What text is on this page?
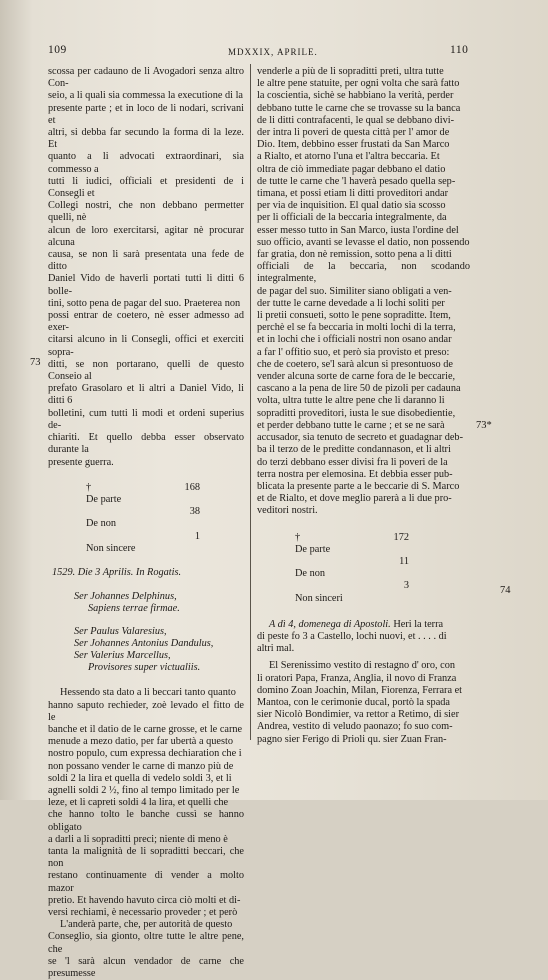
109	MDXXIX, APRILE.	110

scossa per cadauno de li Avogadori senza altro Con-

seio, a li quali sia commessa la executione di la

presente parte ; et in loco de li nodari, scrivani et

altri, si debba far secundo la forma di la leze. Et

quanto a li advocati extraordinari, sia commesso a

tutti li iudici, officiali et presidenti de i Consegli et

Collegi nostri, che non debbano permetter quelli, nè

alcun de loro exercitarsi, agitar nè procurar alcuna

causa, se non li sarà presentata una fede de ditto

Daniel Vido de haverli portati tutti li ditti 6 bolle-

tini, sotto pena de pagar del suo. Praeterea non

possi entrar de coetero, nè esser admesso ad exer-

citarsi alcuno in li Consegli, offici et exerciti sopra-

ditti, se non portarano, quelli de questo Conseio al

prefato Grasolaro et li altri a Daniel Vido, li ditti 6

bolletini, cum tutti li modi et ordeni superius de-

chiariti. Et quello debba esser observato durante la

presente guerra.

†De parte
168
De non
38
Non sincere
1
1529. Die 3 Aprilis. In Rogatis.
Ser Johannes Delphinus,
Sapiens terrae firmae.
Ser Paulus Valaresius,
Ser Johannes Antonius Dandulus,
Ser Valerius Marcellus,
Provisores super victualiis.

Hessendo sta dato a li beccari tanto quanto

hanno saputo rechieder, zoè levado el fitto de le

banche et il datio de le carne grosse, et le carne

menude a mezo datio, per far ubertà a questo

nostro populo, cum expressa dechiaration che i

non possano vender le carne di manzo più de

soldi 2 la lira et quella di vedelo soldi 3, et li

agnelli soldi 2 ½, fino al tempo limitado per le

leze, et li capreti soldi 4 la lira, et quelli che

che hanno tolto le banche cussì se hanno obligato

a darli a li sopraditti preci; niente di meno è

tanta la malignità de li sopraditti beccari, che non

restano continuamente di vender a molto mazor

pretio. Et havendo havuto circa ciò molti et di-

versi rechiami, è necessario proveder ; et però

L'anderà parte, che, per autorità de questo

Conseglio, sia gionto, oltre tutte le altre pene, che

se 'l sarà alcun vendador de carne che presumesse

73

venderle a più de li sopraditti preti, ultra tutte

le altre pene statuite, per ogni volta che sarà fatto

la coscientia, sichè se habbiano la verità, perder

debbano tutte le carne che se trovasse su la banca

de li ditti contrafacenti, le qual se debbano divi-

der intra li poveri de questa città per l' amor de

Dio. Item, debbino esser frustati da San Marco

a Rialto, et atorno l'una et l'altra beccaria. Et

oltra de ciò immediate pagar debbano el datio

de tutte le carne che 'l haverà pesado quella sep-

timana, et possi etiam li ditti proveditori andar

per via de inquisition. El qual datio sia scosso

per li officiali de la beccaria integralmente, da

esser messo tutto in San Marco, iusta l'ordine del

suo officio, avanti se levasse el datio, non possendo

far gratia, don nè remission, sotto pena a li ditti

officiali de la beccaria, non scodando integralmente,

de pagar del suo. Similiter siano obligati a ven-

der tutte le carne devedade a li lochi soliti per

li pretii consueti, sotto le pene sopraditte. Item,

perchè el se fa beccaria in molti lochi di la terra,

et in lochi che i officiali nostri non osano andar

a far l' offitio suo, et però sia provisto et preso:

che de coetero, se'l sarà alcun si presontuoso de

vender alcuna sorte de carne fora de le beccarie,

cascano a la pena de lire 50 de pizoli per cadauna

volta, ultra tutte le altre pene che li daranno li

sopraditti proveditori, iusta le sue disobedientie,

et perder debbano tutte le carne ; et se ne sarà

accusador, sia tenuto de secreto et guadagnar deb-

ba il terzo de le preditte condannason, et li altri

do terzi debbano esser divisi fra li poveri de la

terra nostra per elemosina. Et debbia esser pub-

blicata la presente parte a le beccarie di S. Marco

et de Rialto, et dove meglio parerà a li due pro-

veditori nostri.

†De parte
172
De non
11
Non sinceri
3

A dì 4, domenega di Apostoli. Heri la terra

di peste fo 3 a Castello, lochi nuovi, et . . . . di

altri mal.

El Serenissimo vestito di restagno d' oro, con

li oratori Papa, Franza, Anglia, il novo di Franza

domino Zoan Joachin, Milan, Fiorenza, Ferrara et

Mantoa, con le cerimonie ducal, portò la spada

sier Nicolò Bondimier, va rettor a Retimo, di sier

Andrea, vestito di veludo paonazo; fo suo com-

pagno sier Ferigo di Prioli qu. sier Zuan Fran-

73*
74
